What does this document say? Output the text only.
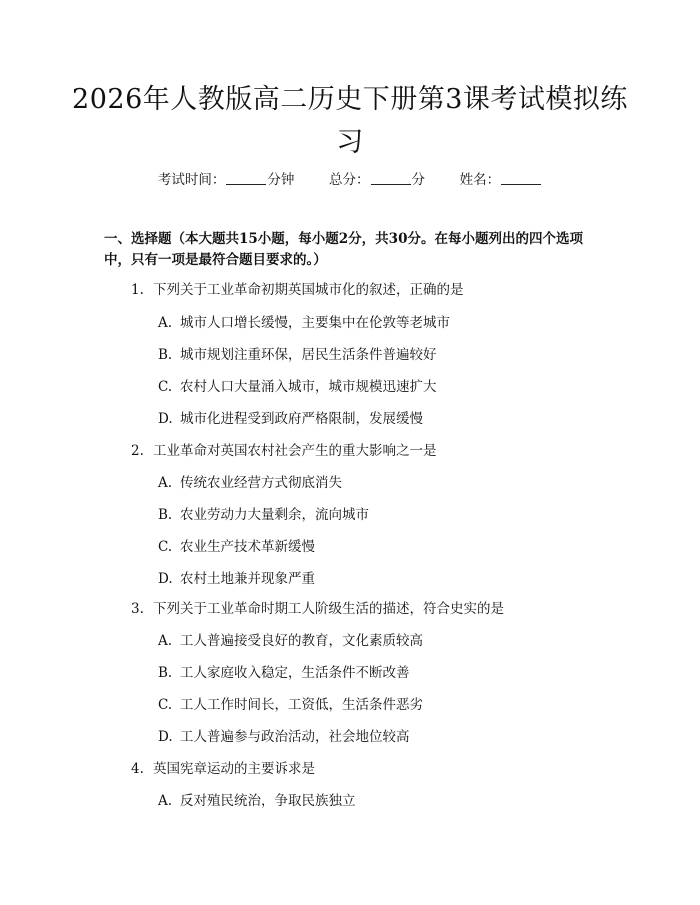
2026年人教版高二历史下册第3课考试模拟练习
考试时间：	分钟	总分：	分	姓名：
一、选择题（本大题共15小题，每小题2分，共30分。在每小题列出的四个选项中，只有一项是最符合题目要求的。）
1. 下列关于工业革命初期英国城市化的叙述，正确的是
A. 城市人口增长缓慢，主要集中在伦敦等老城市
B. 城市规划注重环保，居民生活条件普遍较好
C. 农村人口大量涌入城市，城市规模迅速扩大
D. 城市化进程受到政府严格限制，发展缓慢
2. 工业革命对英国农村社会产生的重大影响之一是
A. 传统农业经营方式彻底消失
B. 农业劳动力大量剩余，流向城市
C. 农业生产技术革新缓慢
D. 农村土地兼并现象严重
3. 下列关于工业革命时期工人阶级生活的描述，符合史实的是
A. 工人普遍接受良好的教育，文化素质较高
B. 工人家庭收入稳定，生活条件不断改善
C. 工人工作时间长，工资低，生活条件恶劣
D. 工人普遍参与政治活动，社会地位较高
4. 英国宪章运动的主要诉求是
A. 反对殖民统治，争取民族独立
